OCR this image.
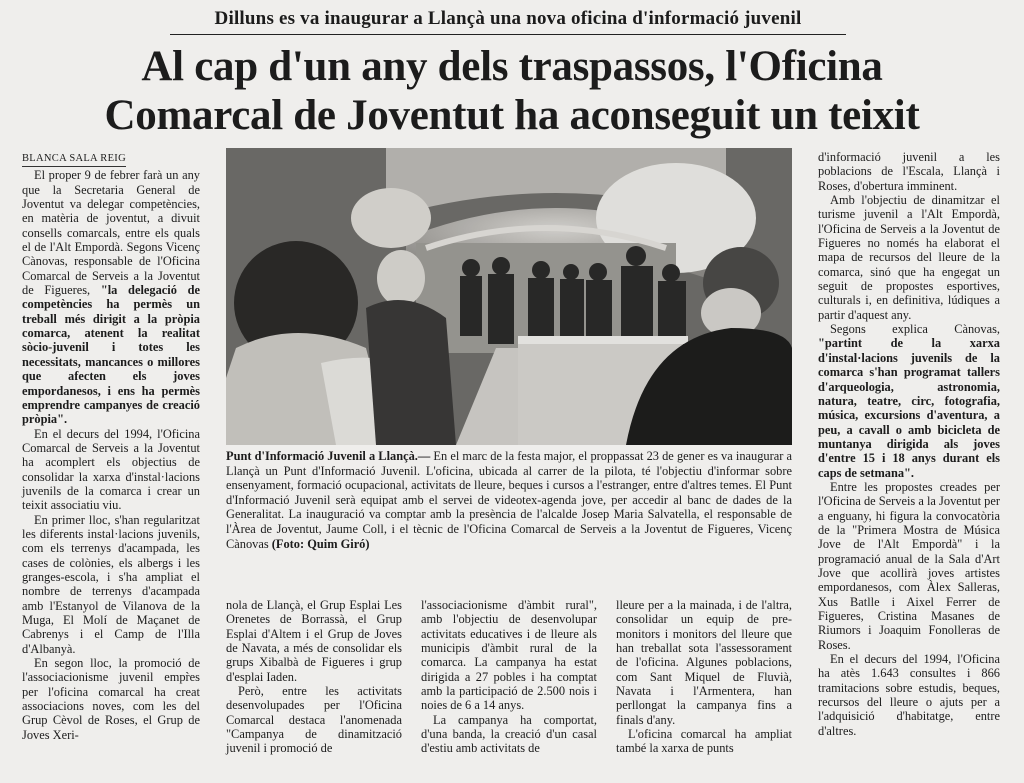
Dilluns es va inaugurar a Llançà una nova oficina d'informació juvenil
Al cap d'un any dels traspassos, l'Oficina
Comarcal de Joventut ha aconseguit un teixit

BLANCA SALA REIG

El proper 9 de febrer farà un any que la Secretaria General de Joventut va delegar competències, en matèria de joventut, a divuit consells comarcals, entre els quals el de l'Alt Empordà. Segons Vicenç Cànovas, responsable de l'Oficina Comarcal de Serveis a la Joventut de Figueres, "la delegació de competències ha permès un treball més dirigit a la pròpia comarca, atenent la realitat sòcio-juvenil i totes les necessitats, mancances o millores que afecten els joves empordanesos, i ens ha permès emprendre campanyes de creació pròpia".

En el decurs del 1994, l'Oficina Comarcal de Serveis a la Joventut ha acomplert els objectius de consolidar la xarxa d'instal·lacions juvenils de la comarca i crear un teixit associatiu viu.

En primer lloc, s'han regularitzat les diferents instal·lacions juvenils, com els terrenys d'acampada, les cases de colònies, els albergs i les granges-escola, i s'ha ampliat el nombre de terrenys d'acampada amb l'Estanyol de Vilanova de la Muga, El Molí de Maçanet de Cabrenys i el Camp de l'Illa d'Albanyà.

En segon lloc, la promoció de l'associacionisme juvenil empr̀es per l'oficina comarcal ha creat associacions noves, com les del Grup Cèvol de Roses, el Grup de Joves Xeri-

Punt d'Informació Juvenil a Llançà.— En el marc de la festa major, el proppassat 23 de gener es va inaugurar a Llançà un Punt d'Informació Juvenil. L'oficina, ubicada al carrer de la pilota, té l'objectiu d'informar sobre ensenyament, formació ocupacional, activitats de lleure, beques i cursos a l'estranger, entre d'altres temes. El Punt d'Informació Juvenil serà equipat amb el servei de videotex-agenda jove, per accedir al banc de dades de la Generalitat. La inauguració va comptar amb la presència de l'alcalde Josep Maria Salvatella, el responsable de l'Àrea de Joventut, Jaume Coll, i el tècnic de l'Oficina Comarcal de Serveis a la Joventut de Figueres, Vicenç Cànovas (Foto: Quim Giró)

nola de Llançà, el Grup Esplai Les Orenetes de Borrassà, el Grup Esplai d'Altem i el Grup de Joves de Navata, a més de consolidar els grups Xibalbà de Figueres i grup d'esplai Iaden.

Però, entre les activitats desenvolupades per l'Oficina Comarcal destaca l'anomenada "Campanya de dinamització juvenil i promoció de

l'associacionisme d'àmbit rural", amb l'objectiu de desenvolupar activitats educatives i de lleure als municipis d'àmbit rural de la comarca. La campanya ha estat dirigida a 27 pobles i ha comptat amb la participació de 2.500 nois i noies de 6 a 14 anys.

La campanya ha comportat, d'una banda, la creació d'un casal d'estiu amb activitats de

lleure per a la mainada, i de l'altra, consolidar un equip de pre-monitors i monitors del lleure que han treballat sota l'assessorament de l'oficina. Algunes poblacions, com Sant Miquel de Fluvià, Navata i l'Armentera, han perllongat la campanya fins a finals d'any.

L'oficina comarcal ha ampliat també la xarxa de punts

d'informació juvenil a les poblacions de l'Escala, Llançà i Roses, d'obertura imminent.

Amb l'objectiu de dinamitzar el turisme juvenil a l'Alt Empordà, l'Oficina de Serveis a la Joventut de Figueres no només ha elaborat el mapa de recursos del lleure de la comarca, sinó que ha engegat un seguit de propostes esportives, culturals i, en definitiva, lúdiques a partir d'aquest any.

Segons explica Cànovas, "partint de la xarxa d'instal·lacions juvenils de la comarca s'han programat tallers d'arqueologia, astronomia, natura, teatre, circ, fotografia, música, excursions d'aventura, a peu, a cavall o amb bicicleta de muntanya dirigida als joves d'entre 15 i 18 anys durant els caps de setmana".

Entre les propostes creades per l'Oficina de Serveis a la Joventut per a enguany, hi figura la convocatòria de la "Primera Mostra de Música Jove de l'Alt Empordà" i la programació anual de la Sala d'Art Jove que acollirà joves artistes empordanesos, com Àlex Salleras, Xus Batlle i Aixel Ferrer de Figueres, Cristina Masanes de Riumors i Joaquim Fonolleras de Roses.

En el decurs del 1994, l'Oficina ha atès 1.643 consultes i 866 tramitacions sobre estudis, beques, recursos del lleure o ajuts per a l'adquisició d'habitatge, entre d'altres.
